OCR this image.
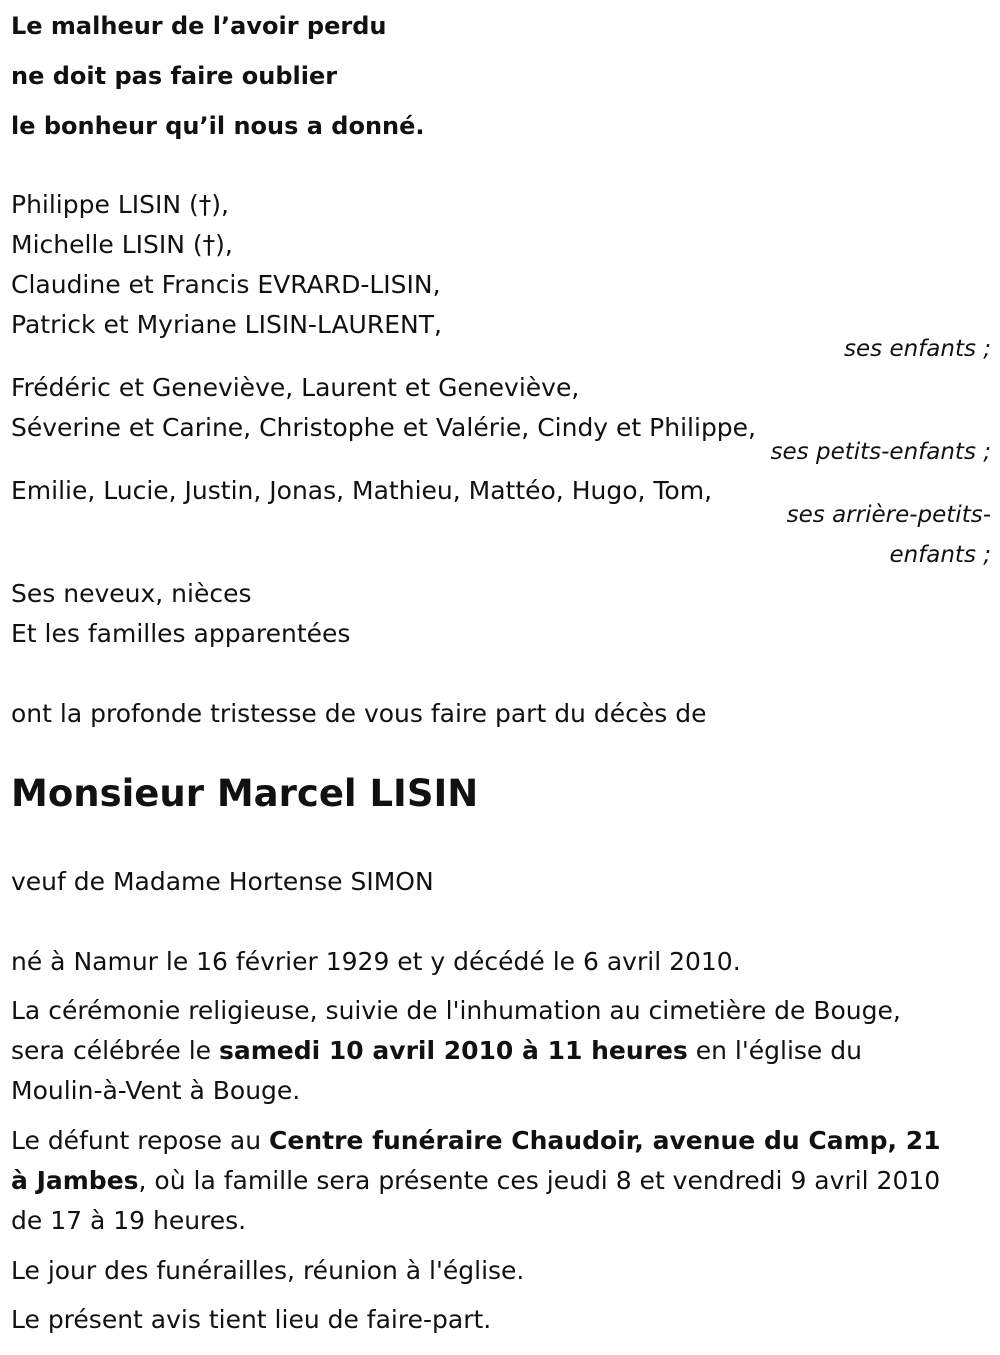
Le malheur de l’avoir perdu
ne doit pas faire oublier
le bonheur qu’il nous a donné.
Philippe LISIN (†),
Michelle LISIN (†),
Claudine et Francis EVRARD-LISIN,
Patrick et Myriane LISIN-LAURENT,
ses enfants ;
Frédéric et Geneviève, Laurent et Geneviève,
Séverine et Carine, Christophe et Valérie, Cindy et Philippe,
ses petits-enfants ;
Emilie, Lucie, Justin, Jonas, Mathieu, Mattéo, Hugo, Tom,
ses arrière-petits-
enfants ;
Ses neveux, nièces
Et les familles apparentées
ont la profonde tristesse de vous faire part du décès de
Monsieur Marcel LISIN
veuf de Madame Hortense SIMON
né à Namur le 16 février 1929 et y décédé le 6 avril 2010.
La cérémonie religieuse, suivie de l'inhumation au cimetière de Bouge, sera célébrée le samedi 10 avril 2010 à 11 heures en l'église du Moulin-à-Vent à Bouge.
Le défunt repose au Centre funéraire Chaudoir, avenue du Camp, 21 à Jambes, où la famille sera présente ces jeudi 8 et vendredi 9 avril 2010 de 17 à 19 heures.
Le jour des funérailles, réunion à l'église.
Le présent avis tient lieu de faire-part.
